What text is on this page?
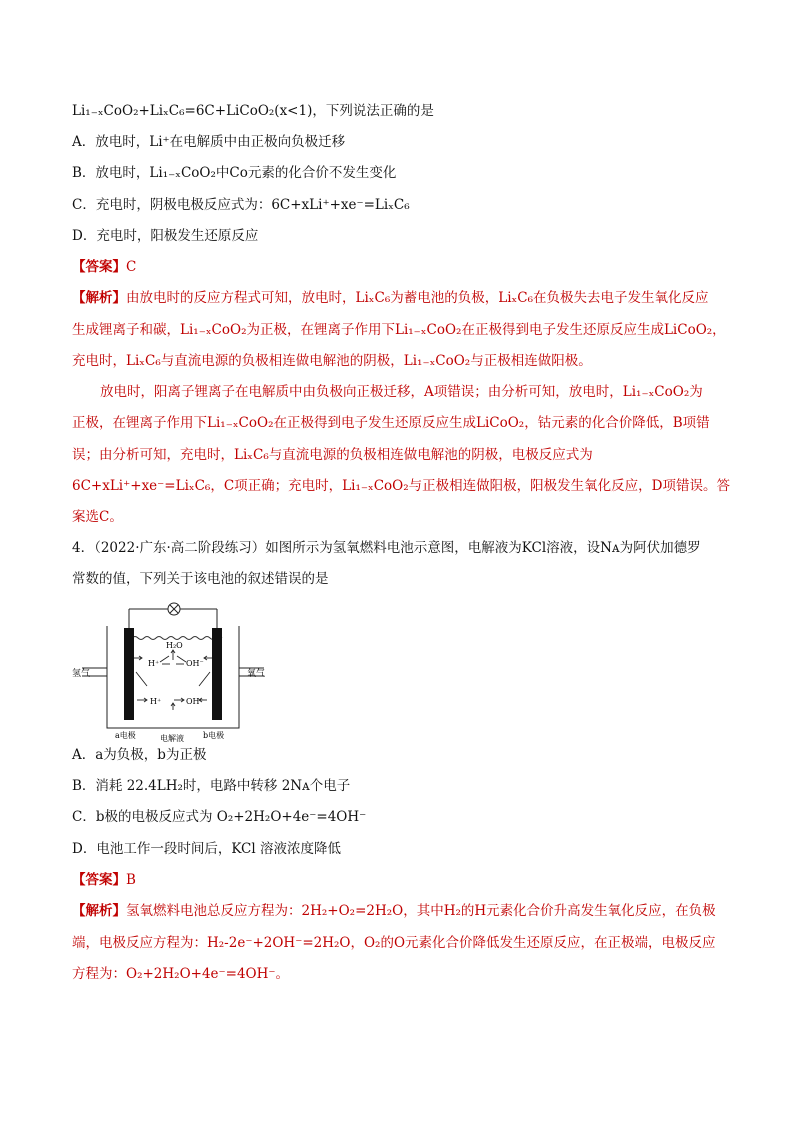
Li₁₋ₓCoO₂+LiₓC₆=6C+LiCoO₂(x<1)，下列说法正确的是
A．放电时，Li⁺在电解质中由正极向负极迁移
B．放电时，Li₁₋ₓCoO₂中Co元素的化合价不发生变化
C．充电时，阴极电极反应式为：6C+xLi⁺+xe⁻=LiₓC₆
D．充电时，阳极发生还原反应
【答案】C
【解析】由放电时的反应方程式可知，放电时，LiₓC₆为蓄电池的负极，LiₓC₆在负极失去电子发生氧化反应
生成锂离子和碳，Li₁₋ₓCoO₂为正极，在锂离子作用下Li₁₋ₓCoO₂在正极得到电子发生还原反应生成LiCoO₂，
充电时，LiₓC₆与直流电源的负极相连做电解池的阴极，Li₁₋ₓCoO₂与正极相连做阳极。
放电时，阳离子锂离子在电解质中由负极向正极迁移，A项错误；由分析可知，放电时，Li₁₋ₓCoO₂为
正极，在锂离子作用下Li₁₋ₓCoO₂在正极得到电子发生还原反应生成LiCoO₂，钴元素的化合价降低，B项错
误；由分析可知，充电时，LiₓC₆与直流电源的负极相连做电解池的阴极，电极反应式为
6C+xLi⁺+xe⁻=LiₓC₆，C项正确；充电时，Li₁₋ₓCoO₂与正极相连做阳极，阳极发生氧化反应，D项错误。答
案选C。
4．（2022·广东·高二阶段练习）如图所示为氢氧燃料电池示意图，电解液为KCl溶液，设Nᴀ为阿伏加德罗
常数的值，下列关于该电池的叙述错误的是
氢气	氧气
H₂O
H⁺	OH⁻
H⁺	OH⁻
a电极	电解液 b电极
A．a为负极，b为正极
B．消耗 22.4LH₂时，电路中转移 2Nᴀ个电子
C．b极的电极反应式为 O₂+2H₂O+4e⁻=4OH⁻
D．电池工作一段时间后，KCl 溶液浓度降低
【答案】B
【解析】氢氧燃料电池总反应方程为：2H₂+O₂=2H₂O，其中H₂的H元素化合价升高发生氧化反应，在负极
端，电极反应方程为：H₂-2e⁻+2OH⁻=2H₂O，O₂的O元素化合价降低发生还原反应，在正极端，电极反应
方程为：O₂+2H₂O+4e⁻=4OH⁻。
